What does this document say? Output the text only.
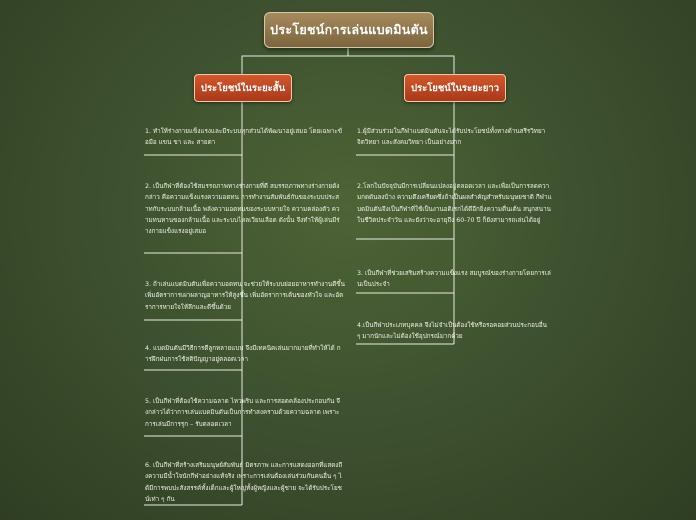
ประโยชน์การเล่นแบดมินตัน
ประโยชน์ในระยะสั้น	ประโยชน์ในระยะยาว
1. ทำให้ร่างกายแข็งแรงและมีระบบทุกส่วนได้พัฒนาอยู่เสมอ โดยเฉพาะข้อมือ แขน ขา และ สายตา
2. เป็นกีฬาที่ต้องใช้สมรรถภาพทางร่างกายที่ดี สมรรถภาพทางร่างกายดังกล่าว คือความแข็งแรงความอดทน การทำงานสัมพันธ์กันของระบบประสาทกับระบบกล้ามเนื้อ พลังความอดทนของระบบหายใจ ความคล่องตัว ความทนทานของกล้ามเนื้อ และระบบไหลเวียนเลือด ดังนั้น จึงทำให้ผู้เล่นมีร่างกายแข็งแรงอยู่เสมอ
3. ถ้าเล่นแบดมินตันเพื่อความอดทน จะช่วยให้ระบบย่อยอาหารทำงานดีขึ้น เพิ่มอัตราการเผาผลาญอาหารให้สูงขึ้น เพิ่มอัตราการเต้นของหัวใจ และอัตราการหายใจให้ลึกและดีขึ้นด้วย
4. แบดมินตันมีวิธีการตีลูกหลายแบบ จึงมีเทคนิคเล่นมากมายที่ทำให้ได้ การฝึกฝนการใช้สติปัญญาอยู่ตลอดเวลา
5. เป็นกีฬาที่ต้องใช้ความฉลาด ไหวพริบ และการสอดคล้องประกอบกัน จึงกล่าวได้ว่าการเล่นแบดมินตันเป็นการทำสงครามด้วยความฉลาด เพราะการเล่นมีการรุก – รับตลอดเวลา
6. เป็นกีฬาที่สร้างเสริมมนุษย์สัมพันธ์ มิตรภาพ และการแสดงออกที่แสดงถึงความมีน้ำใจนักกีฬาอย่างแท้จริง เพราะการเล่นต้องเล่นร่วมกันคนอื่น ๆ ได้มีการพบปะสังสรรค์ทั้งเด็กและผู้ใหญ่ทั้งผู้หญิงและผู้ชาย จะได้รับประโยชน์เท่า ๆ กัน
1.ผู้มีส่วนร่วมในกีฬาแบดมินตันจะได้รับประโยชน์ทั้งทางด้านสรีรวิทยา จิตวิทยา และสังคมวิทยา เป็นอย่างมาก
2.โลกในปัจจุบันมีการเปลี่ยนแปลงอยู่ตลอดเวลา และเพื่อเป็นการลดความกดดันลงบ้าง ความตึงเครียดซึ่งถ้าเป็นผลสำคัญสำหรับมนุษยชาติ กีฬาแบดมินตันจึงเป็นกีฬาที่ใช้เป็นงานอดิเรกได้ดีอีกยิ่งความตื่นเต้น สนุกสนานในชีวิตประจำวัน และยังว่าจะอายุถึง 60-70 ปี ก็ยังสามารถเล่นได้อยู่
3. เป็นกีฬาที่ช่วยเสริมสร้างความแข็งแรง สมบูรณ์ของร่างกายโดยการเล่นเป็นประจำ
4.เป็นกีฬาประเภทบุคคล จึงไม่จำเป็นต้องใช้หรือรอคอยส่วนประกอบอื่น ๆ มากนักและไม่ต้องใช้อุปกรณ์มากด้วย
